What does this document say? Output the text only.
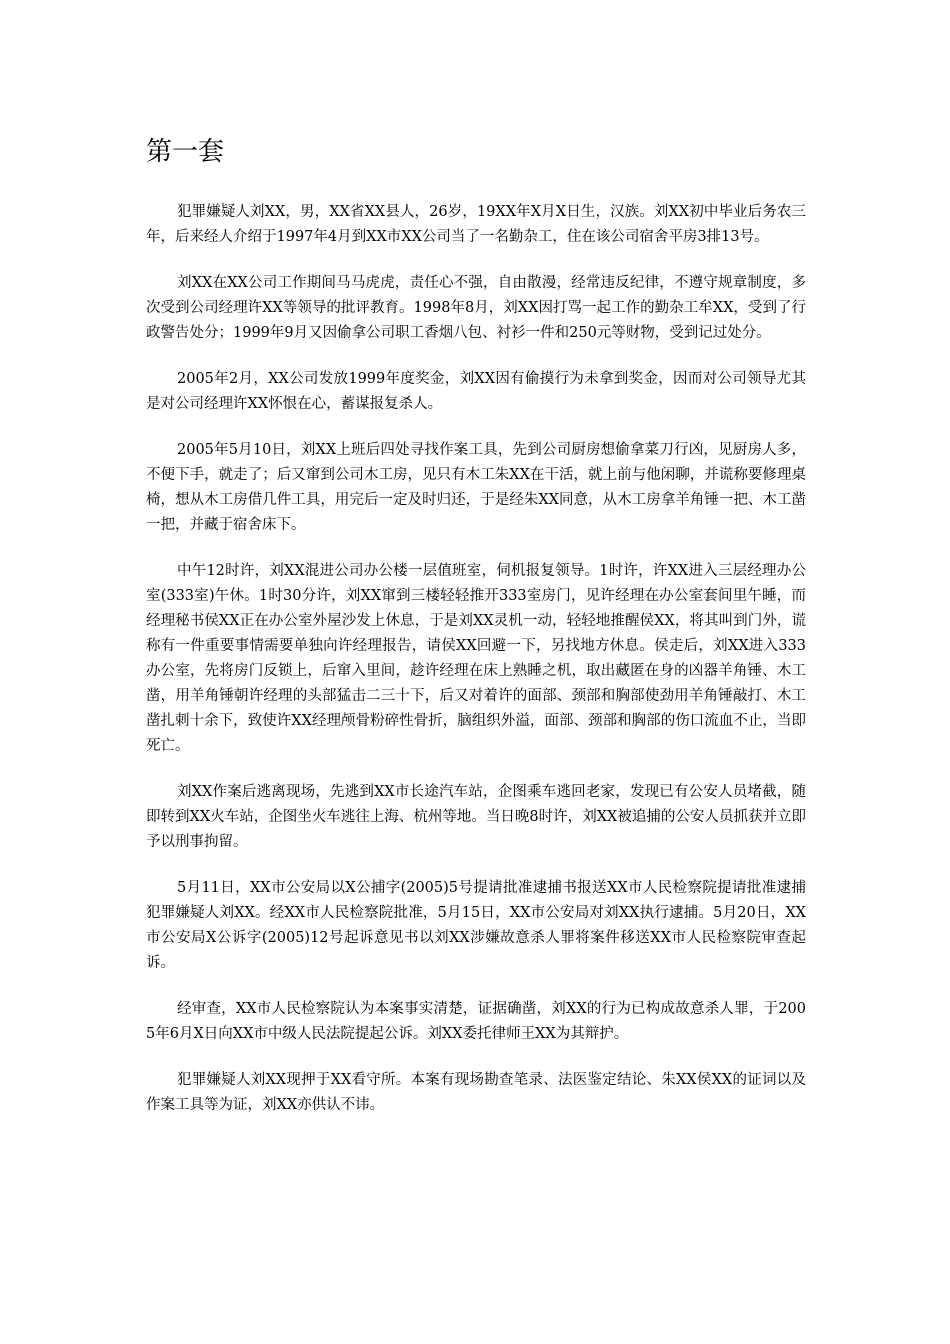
第一套

犯罪嫌疑人刘XX，男，XX省XX县人，26岁，19XX年X月X日生，汉族。刘XX初中毕业后务农三年，后来经人介绍于1997年4月到XX市XX公司当了一名勤杂工，住在该公司宿舍平房3排13号。

刘XX在XX公司工作期间马马虎虎，责任心不强，自由散漫，经常违反纪律，不遵守规章制度，多次受到公司经理许XX等领导的批评教育。1998年8月，刘XX因打骂一起工作的勤杂工牟XX，受到了行政警告处分；1999年9月又因偷拿公司职工香烟八包、衬衫一件和250元等财物，受到记过处分。

2005年2月，XX公司发放1999年度奖金，刘XX因有偷摸行为未拿到奖金，因而对公司领导尤其是对公司经理许XX怀恨在心，蓄谋报复杀人。

2005年5月10日，刘XX上班后四处寻找作案工具，先到公司厨房想偷拿菜刀行凶，见厨房人多，不便下手，就走了；后又窜到公司木工房，见只有木工朱XX在干活，就上前与他闲聊，并谎称要修理桌椅，想从木工房借几件工具，用完后一定及时归还，于是经朱XX同意，从木工房拿羊角锤一把、木工凿一把，并藏于宿舍床下。

中午12时许，刘XX混进公司办公楼一层值班室，伺机报复领导。1时许，许XX进入三层经理办公室(333室)午休。1时30分许，刘XX窜到三楼轻轻推开333室房门，见许经理在办公室套间里午睡，而经理秘书侯XX正在办公室外屋沙发上休息，于是刘XX灵机一动，轻轻地推醒侯XX，将其叫到门外，谎称有一件重要事情需要单独向许经理报告，请侯XX回避一下，另找地方休息。侯走后，刘XX进入333办公室，先将房门反锁上，后窜入里间，趁许经理在床上熟睡之机，取出藏匿在身的凶器羊角锤、木工凿，用羊角锤朝许经理的头部猛击二三十下，后又对着许的面部、颈部和胸部使劲用羊角锤敲打、木工凿扎刺十余下，致使许XX经理颅骨粉碎性骨折，脑组织外溢，面部、颈部和胸部的伤口流血不止，当即死亡。

刘XX作案后逃离现场，先逃到XX市长途汽车站，企图乘车逃回老家，发现已有公安人员堵截，随即转到XX火车站，企图坐火车逃往上海、杭州等地。当日晚8时许，刘XX被追捕的公安人员抓获并立即予以刑事拘留。

5月11日，XX市公安局以X公捕字(2005)5号提请批准逮捕书报送XX市人民检察院提请批准逮捕犯罪嫌疑人刘XX。经XX市人民检察院批准，5月15日，XX市公安局对刘XX执行逮捕。5月20日，XX市公安局X公诉字(2005)12号起诉意见书以刘XX涉嫌故意杀人罪将案件移送XX市人民检察院审查起诉。

经审查，XX市人民检察院认为本案事实清楚，证据确凿，刘XX的行为已构成故意杀人罪，于2005年6月X日向XX市中级人民法院提起公诉。刘XX委托律师王XX为其辩护。

犯罪嫌疑人刘XX现押于XX看守所。本案有现场勘查笔录、法医鉴定结论、朱XX侯XX的证词以及作案工具等为证，刘XX亦供认不讳。
